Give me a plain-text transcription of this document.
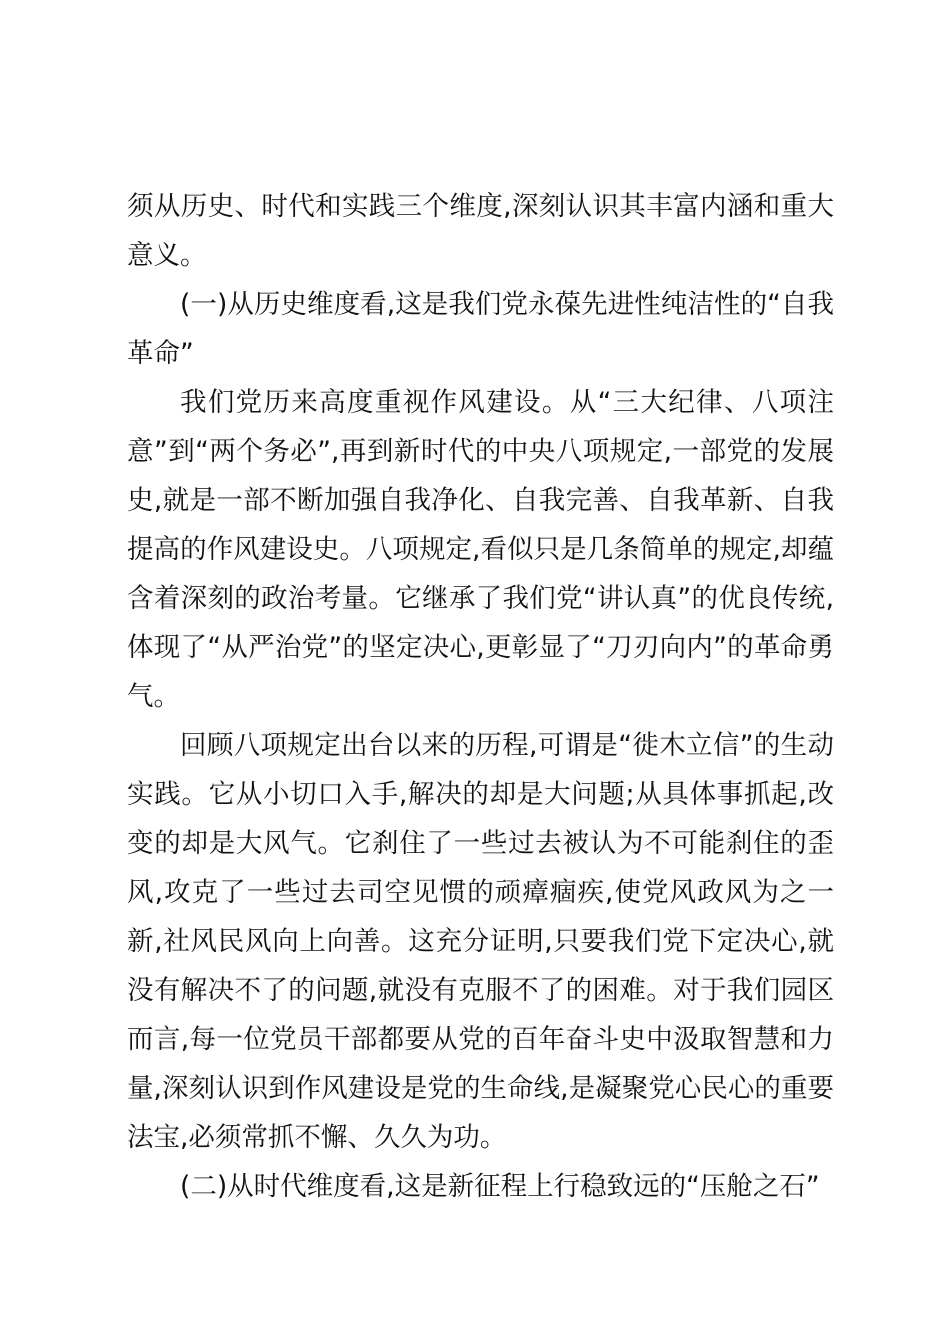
须从历史、时代和实践三个维度,深刻认识其丰富内涵和重大意义。

(一)从历史维度看,这是我们党永葆先进性纯洁性的“自我革命”

我们党历来高度重视作风建设。从“三大纪律、八项注意”到“两个务必”,再到新时代的中央八项规定,一部党的发展史,就是一部不断加强自我净化、自我完善、自我革新、自我提高的作风建设史。八项规定,看似只是几条简单的规定,却蕴含着深刻的政治考量。它继承了我们党“讲认真”的优良传统,体现了“从严治党”的坚定决心,更彰显了“刀刃向内”的革命勇气。

回顾八项规定出台以来的历程,可谓是“徙木立信”的生动实践。它从小切口入手,解决的却是大问题;从具体事抓起,改变的却是大风气。它刹住了一些过去被认为不可能刹住的歪风,攻克了一些过去司空见惯的顽瘴痼疾,使党风政风为之一新,社风民风向上向善。这充分证明,只要我们党下定决心,就没有解决不了的问题,就没有克服不了的困难。对于我们园区而言,每一位党员干部都要从党的百年奋斗史中汲取智慧和力量,深刻认识到作风建设是党的生命线,是凝聚党心民心的重要法宝,必须常抓不懈、久久为功。

(二)从时代维度看,这是新征程上行稳致远的“压舱之石”
